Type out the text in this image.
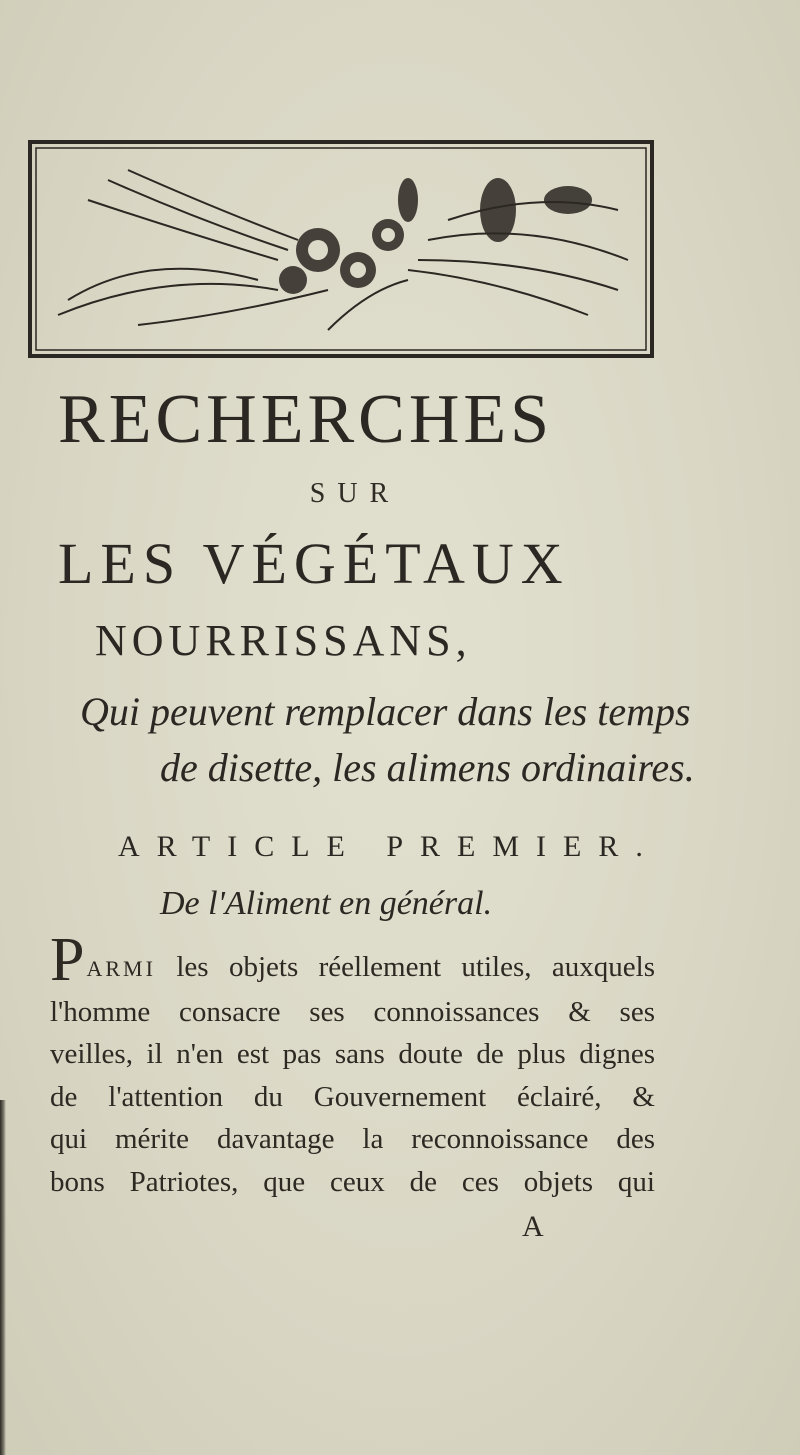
RECHERCHES
SUR
LES VÉGÉTAUX
NOURRISSANS,
Qui peuvent remplacer dans les temps
de disette, les alimens ordinaires.
ARTICLE PREMIER.
De l'Aliment en général.
PARMI les objets réellement utiles, auxquels
l'homme consacre ses connoissances & ses
veilles, il n'en est pas sans doute de plus dignes
de l'attention du Gouvernement éclairé, &
qui mérite davantage la reconnoissance des
bons Patriotes, que ceux de ces objets qui
A
